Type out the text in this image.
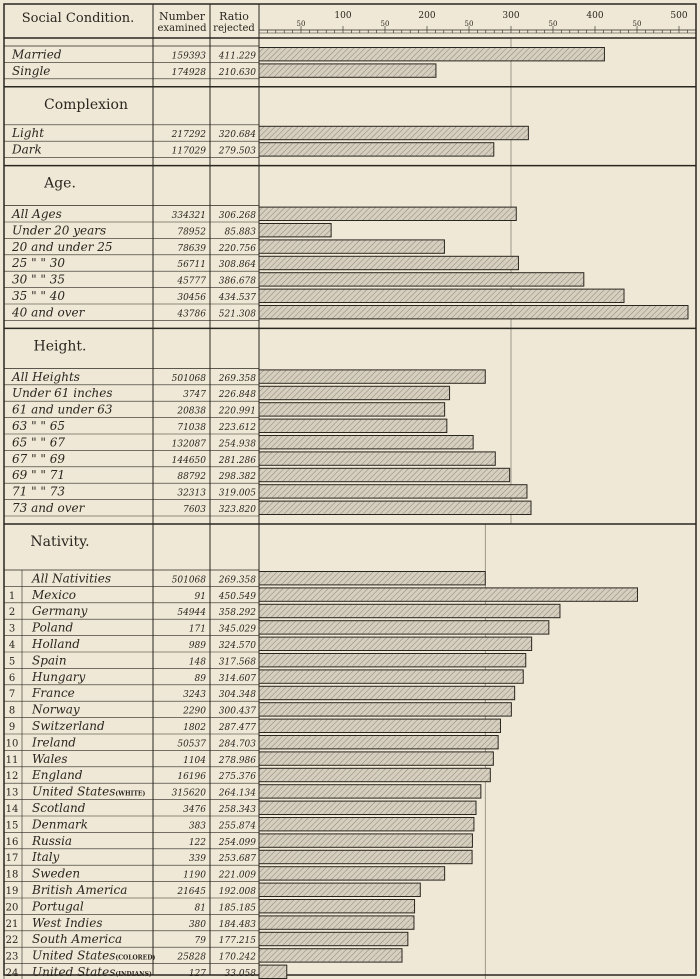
Social Condition. Number
examined
Ratio
rejected
100	200	300	400	500
50	50	50	50	50
Complexion
Age.
Height.
Nativity.
Married	159393 411.229
Single	174928 210.630
Light	217292 320.684
Dark	117029 279.503
All Ages	334321 306.268
Under 20 years	78952 85.883
20 and under 25	78639 220.756
25 " " 30	56711 308.864
30 " " 35	45777 386.678
35 " " 40	30456 434.537
40 and over	43786 521.308
All Heights	501068 269.358
Under 61 inches	3747 226.848
61 and under 63	20838 220.991
63 " " 65	71038 223.612
65 " " 67	132087 254.938
67 " " 69	144650 281.286
69 " " 71	88792 298.382
71 " " 73	32313 319.005
73 and over	7603 323.820
All Nativities	501068 269.358
1 Mexico	91 450.549
2 Germany	54944 358.292
3 Poland	171 345.029
4 Holland	989 324.570
5 Spain	148 317.568
6 Hungary	89 314.607
7 France	3243 304.348
8 Norway	2290 300.437
9 Switzerland	1802 287.477
10 Ireland	50537 284.703
11 Wales	1104 278.986
12 England	16196 275.376
13 United States(WHITE)	315620 264.134
14 Scotland	3476 258.343
15 Denmark	383 255.874
16 Russia	122 254.099
17 Italy	339 253.687
18 Sweden	1190 221.009
19 British America	21645 192.008
20 Portugal	81 185.185
21 West Indies	380 184.483
22 South America	79 177.215
23 United States(COLORED) 25828 170.242
24 United States(INDIANS)	127 33.058
